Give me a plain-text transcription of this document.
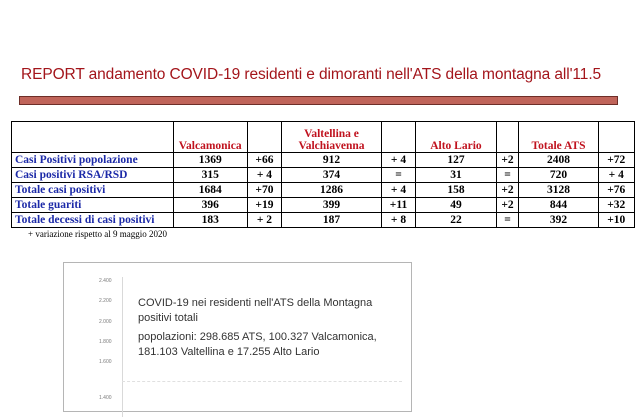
REPORT andamento COVID-19 residenti e dimoranti nell'ATS della montagna all'11.5
	Valcamonica		Valtellina e Valchiavenna		Alto Lario		Totale ATS	
Casi Positivi popolazione	1369	+66	912	+ 4	127	+2	2408	+72
Casi positivi RSA/RSD	315	+ 4	374	=	31	=	720	+ 4
Totale casi positivi	1684	+70	1286	+ 4	158	+2	3128	+76
Totale guariti	396	+19	399	+11	49	+2	844	+32
Totale decessi di casi positivi	183	+ 2	187	+ 8	22	=	392	+10
+ variazione rispetto al 9 maggio 2020
2.400
2.200
2.000
1.800
1.600
1.400

COVID-19 nei residenti nell'ATS della Montagna

positivi totali

popolazioni: 298.685 ATS, 100.327 Valcamonica,

181.103 Valtellina e 17.255 Alto Lario
